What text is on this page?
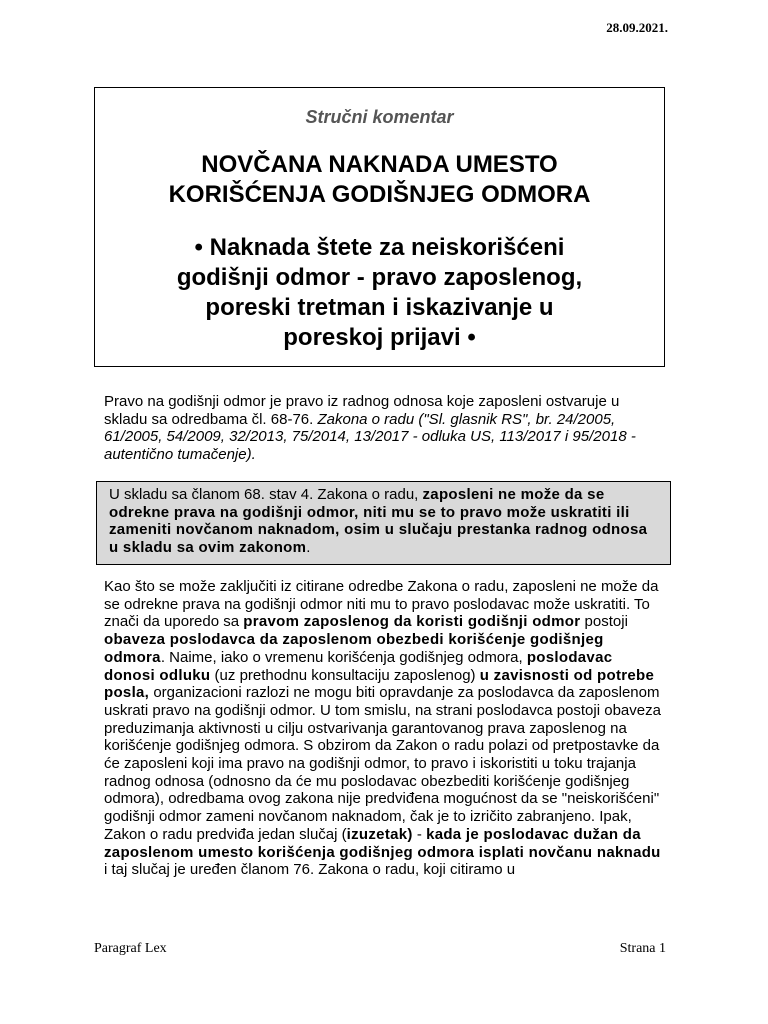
28.09.2021.
Stručni komentar
NOVČANA NAKNADA UMESTO
KORIŠĆENJA GODIŠNJEG ODMORA
• Naknada štete za neiskorišćeni
godišnji odmor - pravo zaposlenog,
poreski tretman i iskazivanje u
poreskoj prijavi •
Pravo na godišnji odmor je pravo iz radnog odnosa koje zaposleni ostvaruje u skladu sa odredbama čl. 68-76. Zakona o radu ("Sl. glasnik RS", br. 24/2005, 61/2005, 54/2009, 32/2013, 75/2014, 13/2017 - odluka US, 113/2017 i 95/2018 - autentično tumačenje).
U skladu sa članom 68. stav 4. Zakona o radu, zaposleni ne može da se odrekne prava na godišnji odmor, niti mu se to pravo može uskratiti ili zameniti novčanom naknadom, osim u slučaju prestanka radnog odnosa u skladu sa ovim zakonom.
Kao što se može zaključiti iz citirane odredbe Zakona o radu, zaposleni ne može da se odrekne prava na godišnji odmor niti mu to pravo poslodavac može uskratiti. To znači da uporedo sa pravom zaposlenog da koristi godišnji odmor postoji obaveza poslodavca da zaposlenom obezbedi korišćenje godišnjeg odmora. Naime, iako o vremenu korišćenja godišnjeg odmora, poslodavac donosi odluku (uz prethodnu konsultaciju zaposlenog) u zavisnosti od potrebe posla, organizacioni razlozi ne mogu biti opravdanje za poslodavca da zaposlenom uskrati pravo na godišnji odmor. U tom smislu, na strani poslodavca postoji obaveza preduzimanja aktivnosti u cilju ostvarivanja garantovanog prava zaposlenog na korišćenje godišnjeg odmora. S obzirom da Zakon o radu polazi od pretpostavke da će zaposleni koji ima pravo na godišnji odmor, to pravo i iskoristiti u toku trajanja radnog odnosa (odnosno da će mu poslodavac obezbediti korišćenje godišnjeg odmora), odredbama ovog zakona nije predviđena mogućnost da se "neiskorišćeni" godišnji odmor zameni novčanom naknadom, čak je to izričito zabranjeno. Ipak, Zakon o radu predviđa jedan slučaj (izuzetak) - kada je poslodavac dužan da zaposlenom umesto korišćenja godišnjeg odmora isplati novčanu naknadu i taj slučaj je uređen članom 76. Zakona o radu, koji citiramo u
Paragraf Lex	Strana 1
